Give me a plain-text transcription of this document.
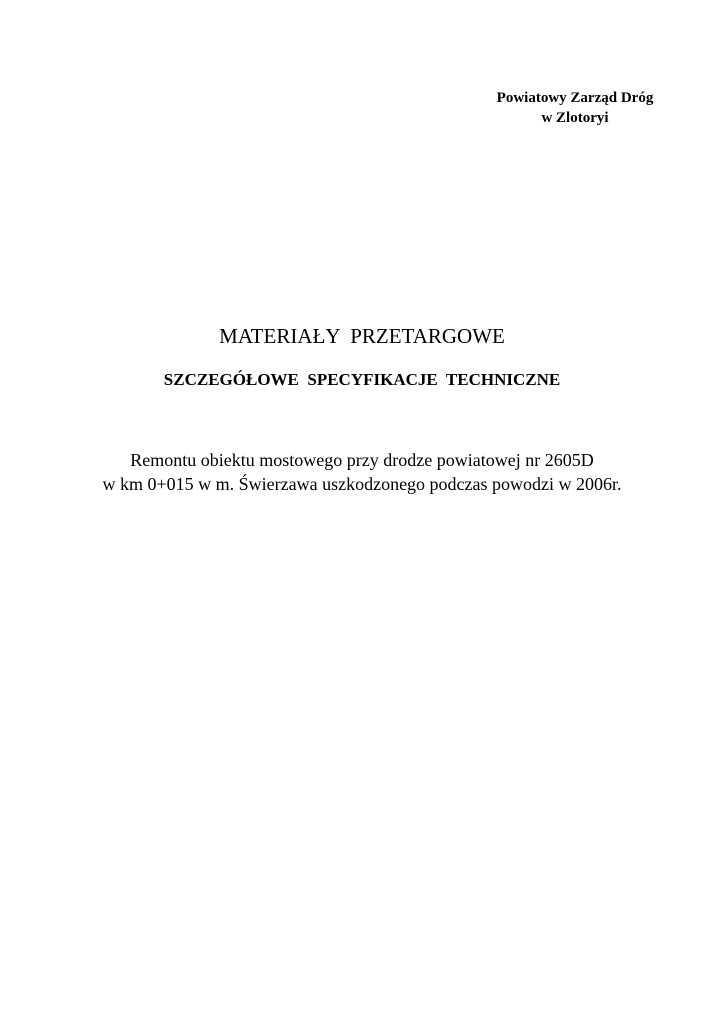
Powiatowy Zarząd Dróg
w Zlotoryi
MATERIAŁY  PRZETARGOWE
SZCZEGÓŁOWE  SPECYFIKACJE  TECHNICZNE
Remontu obiektu mostowego przy drodze powiatowej nr 2605D
w km 0+015 w m. Świerzawa uszkodzonego podczas powodzi w 2006r.
